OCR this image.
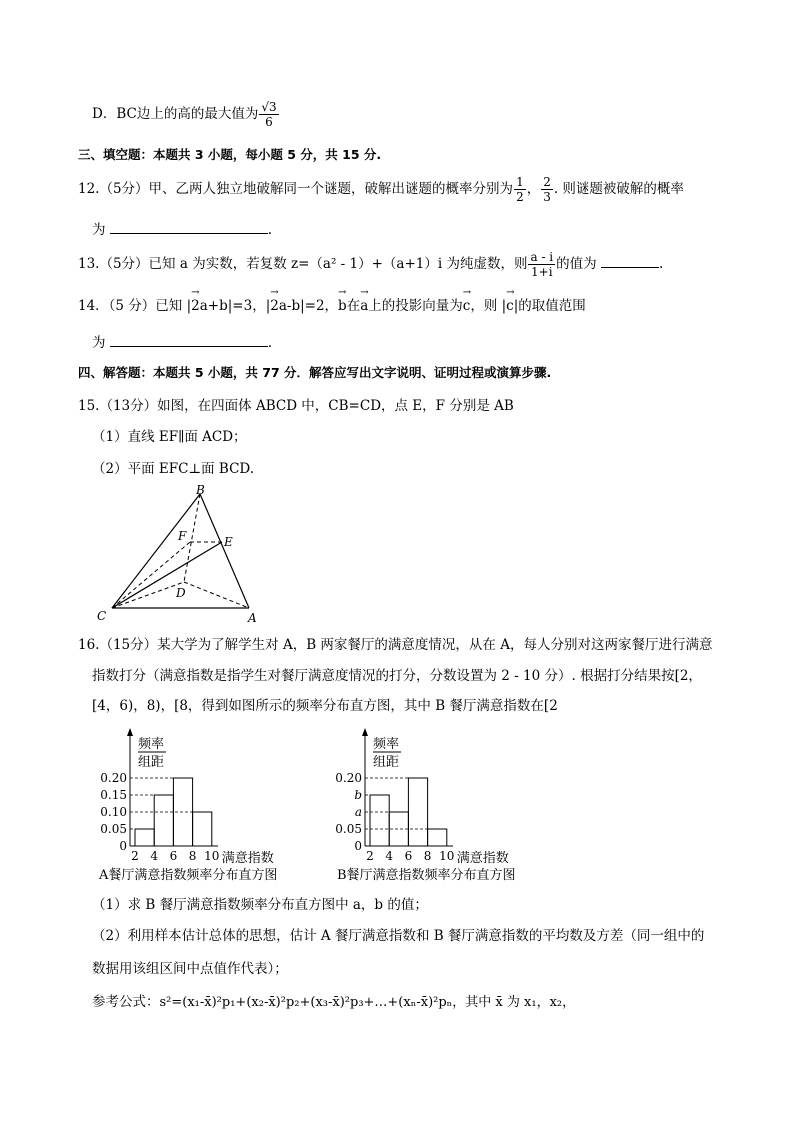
D．BC边上的高的最大值为 $\frac{√3}{6}$
三、填空题：本题共 3 小题，每小题 5 分，共 15 分.
12.（5分）甲、乙两人独立地破解同一个谜题，破解出谜题的概率分别为 $\frac{1}{2}$ ， $\frac{2}{3}$ . 则谜题被破解的概率
为	.
13.（5分）已知 a 为实数，若复数 z=（a² - 1）+（a+1）i 为纯虚数，则 $\frac{a - i}{1+i}$ 的值为	.
14．（5 分）已知 |→ 2a+b|=3，|→ 2a-b|=2，→ b在→ a上的投影向量为→ c，则 |→ c|的取值范围
为	.
四、解答题：本题共 5 小题，共 77 分．解答应写出文字说明、证明过程或演算步骤.
15.（13分）如图，在四面体 ABCD 中，CB=CD，点 E，F 分别是 AB
（1）直线 EF∥面 ACD；
（2）平面 EFC⊥面 BCD.
B
C	A
D
E
F
16.（15分）某大学为了解学生对 A，B 两家餐厅的满意度情况，从在 A，每人分别对这两家餐厅进行满意
指数打分（满意指数是指学生对餐厅满意度情况的打分，分数设置为 2 - 10 分）. 根据打分结果按[2，
[4，6)，8)，[8，得到如图所示的频率分布直方图，其中 B 餐厅满意指数在[2
频率
组距
0
0.05
0.10
0.15
0.20
2 4 6 8 10 满意指数
频率
组距
0
0.05
a
b
0.20
2 4 6 8 10 满意指数
A餐厅满意指数频率分布直方图	B餐厅满意指数频率分布直方图
（1）求 B 餐厅满意指数频率分布直方图中 a，b 的值；
（2）利用样本估计总体的思想，估计 A 餐厅满意指数和 B 餐厅满意指数的平均数及方差（同一组中的
数据用该组区间中点值作代表）；
参考公式：s²=(x₁-x̄)²p₁+(x₂-x̄)²p₂+(x₃-x̄)²p₃+…+(xₙ-x̄)²pₙ，其中 x̄ 为 x₁，x₂，
